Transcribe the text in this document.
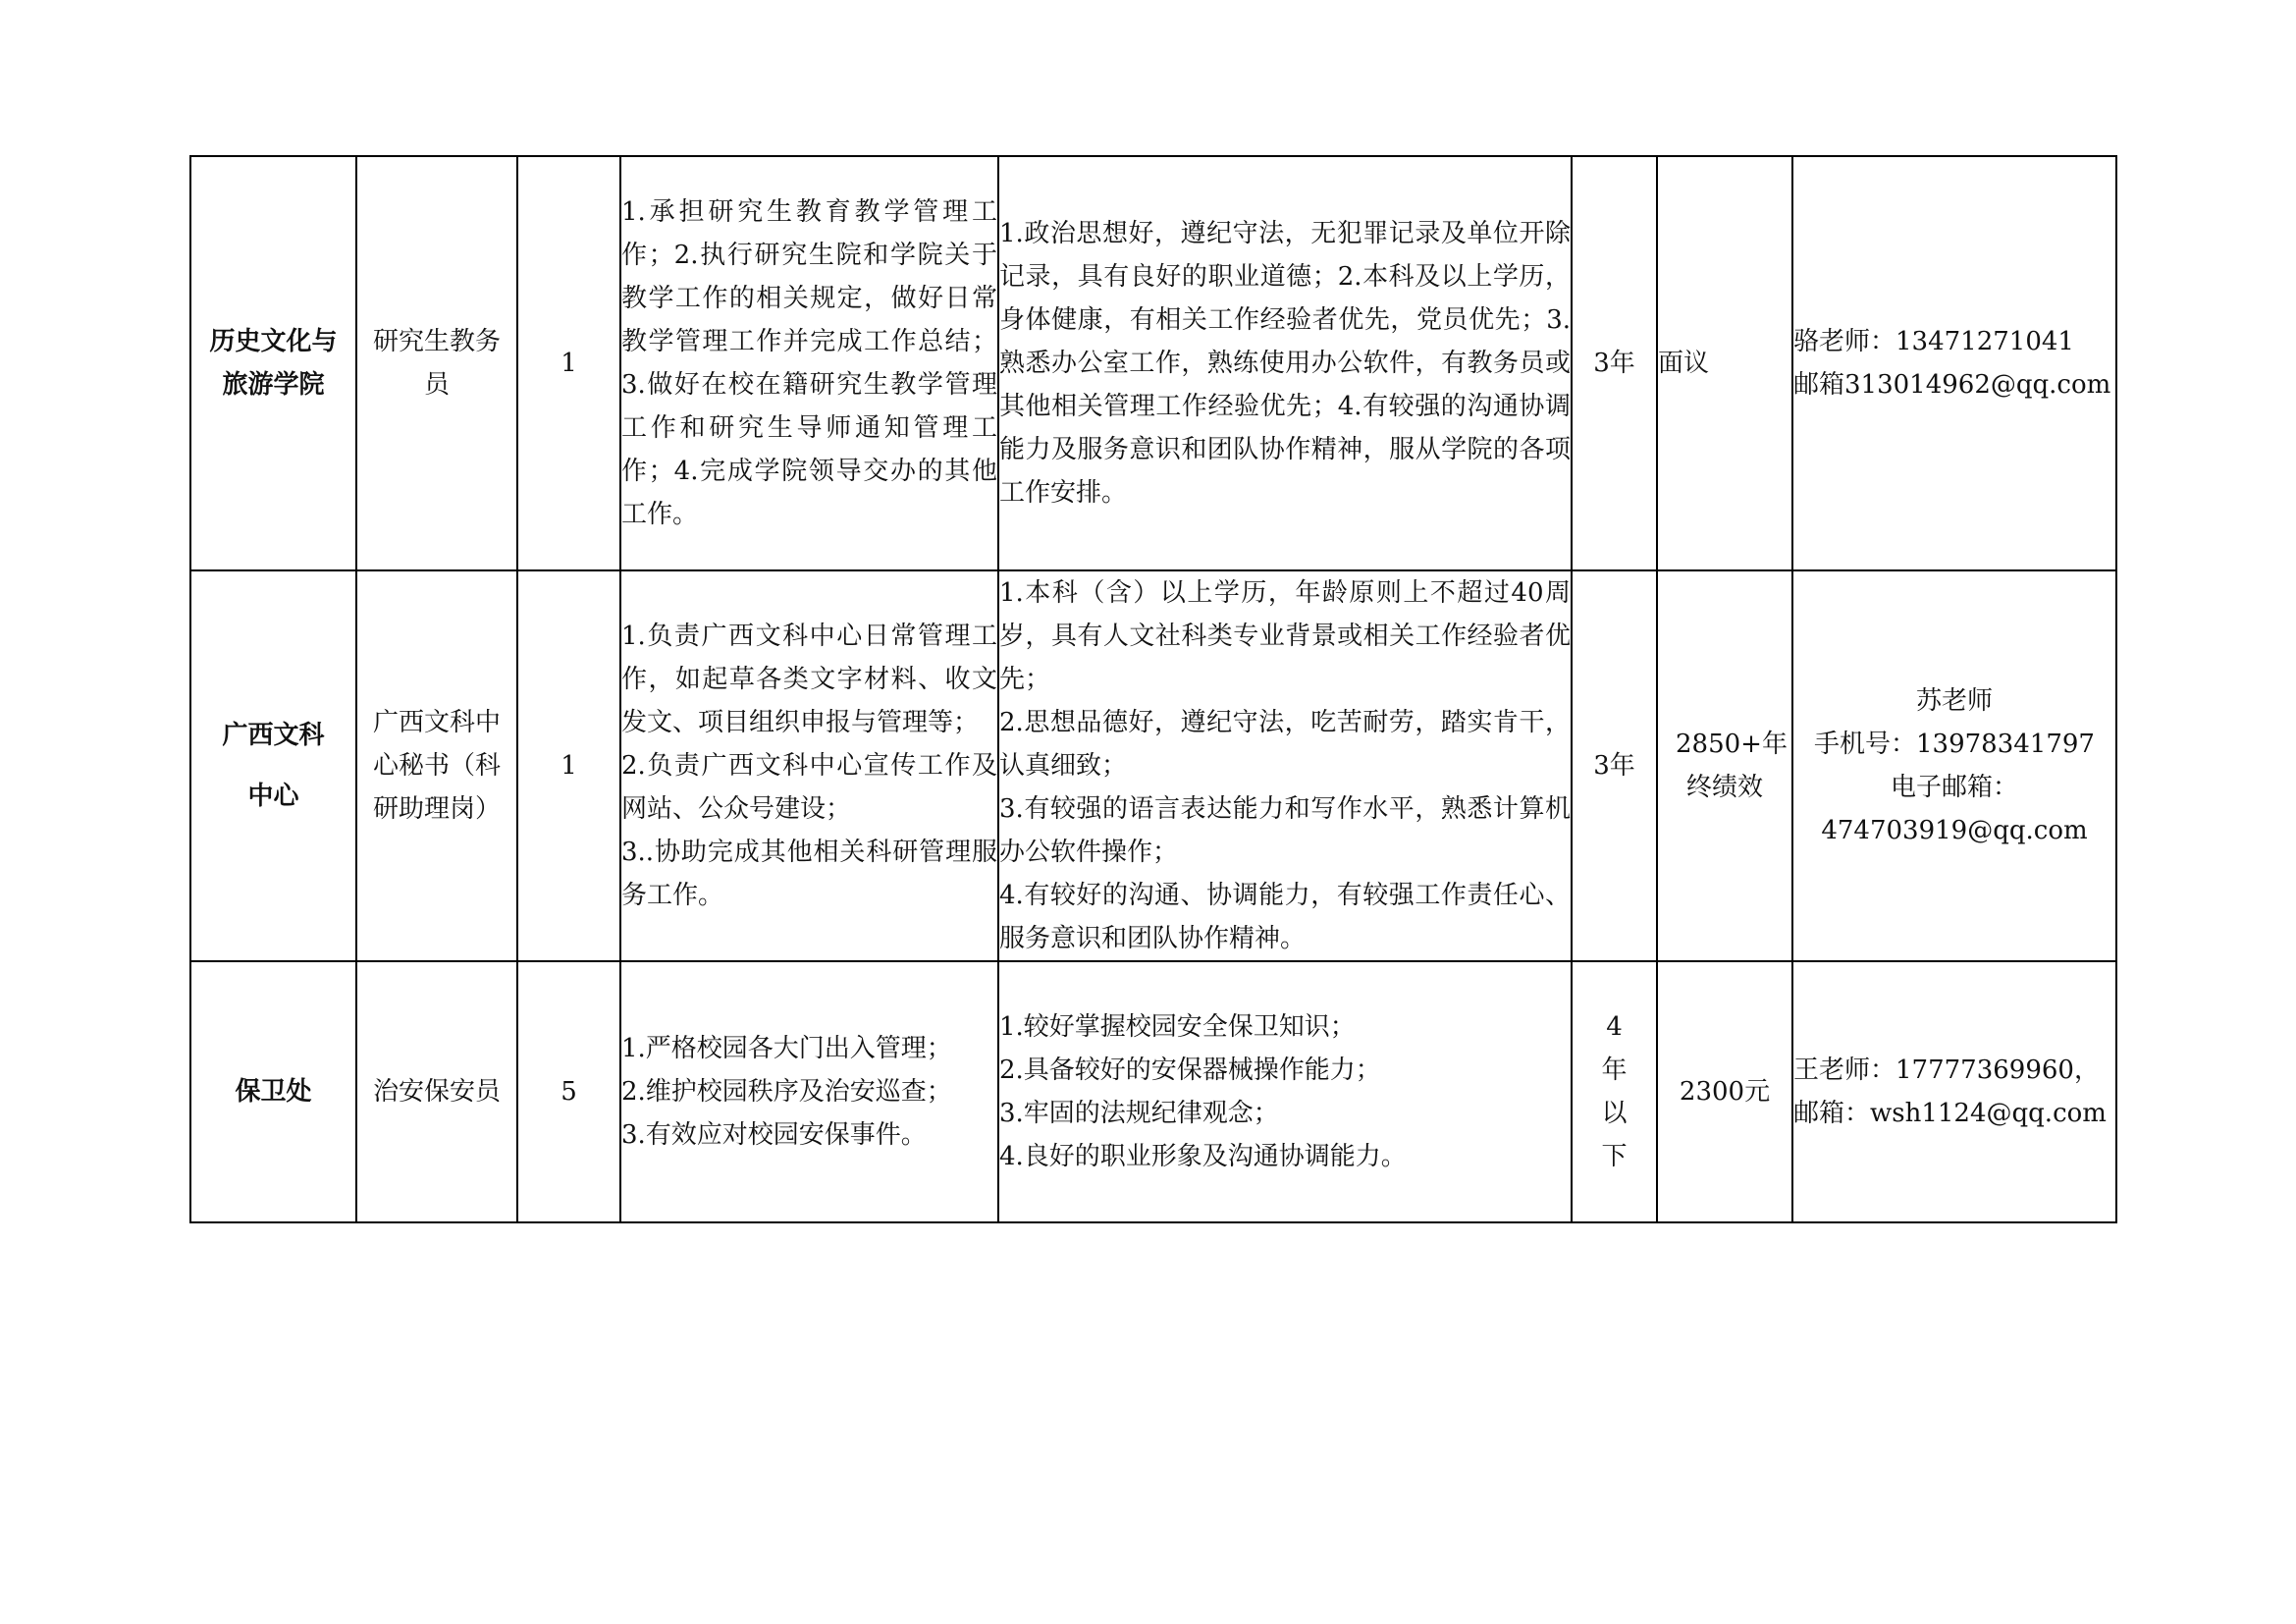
历史文化与旅游学院	研究生教务员	1	1.承担研究生教育教学管理工作；2.执行研究生院和学院关于教学工作的相关规定，做好日常教学管理工作并完成工作总结；3.做好在校在籍研究生教学管理工作和研究生导师通知管理工作；4.完成学院领导交办的其他工作。	1.政治思想好，遵纪守法，无犯罪记录及单位开除记录，具有良好的职业道德；2.本科及以上学历，身体健康，有相关工作经验者优先，党员优先；3.熟悉办公室工作，熟练使用办公软件，有教务员或其他相关管理工作经验优先；4.有较强的沟通协调能力及服务意识和团队协作精神，服从学院的各项工作安排。	3年	面议	骆老师：13471271041
邮箱313014962@qq.com

广西文科中心	广西文科中心秘书（科研助理岗）	1	1.负责广西文科中心日常管理工作，如起草各类文字材料、收文发文、项目组织申报与管理等；
2.负责广西文科中心宣传工作及网站、公众号建设；
3..协助完成其他相关科研管理服务工作。	1.本科（含）以上学历，年龄原则上不超过40周岁，具有人文社科类专业背景或相关工作经验者优先；
2.思想品德好，遵纪守法，吃苦耐劳，踏实肯干，认真细致；
3.有较强的语言表达能力和写作水平，熟悉计算机办公软件操作；
4.有较好的沟通、协调能力，有较强工作责任心、服务意识和团队协作精神。	3年	2850+年终绩效	苏老师
手机号：13978341797
电子邮箱：
474703919@qq.com

保卫处	治安保安员	5	1.严格校园各大门出入管理；
2.维护校园秩序及治安巡查；
3.有效应对校园安保事件。	1.较好掌握校园安全保卫知识；
2.具备较好的安保器械操作能力；
3.牢固的法规纪律观念；
4.良好的职业形象及沟通协调能力。	4年以下	2300元	王老师：17777369960，
邮箱：wsh1124@qq.com
